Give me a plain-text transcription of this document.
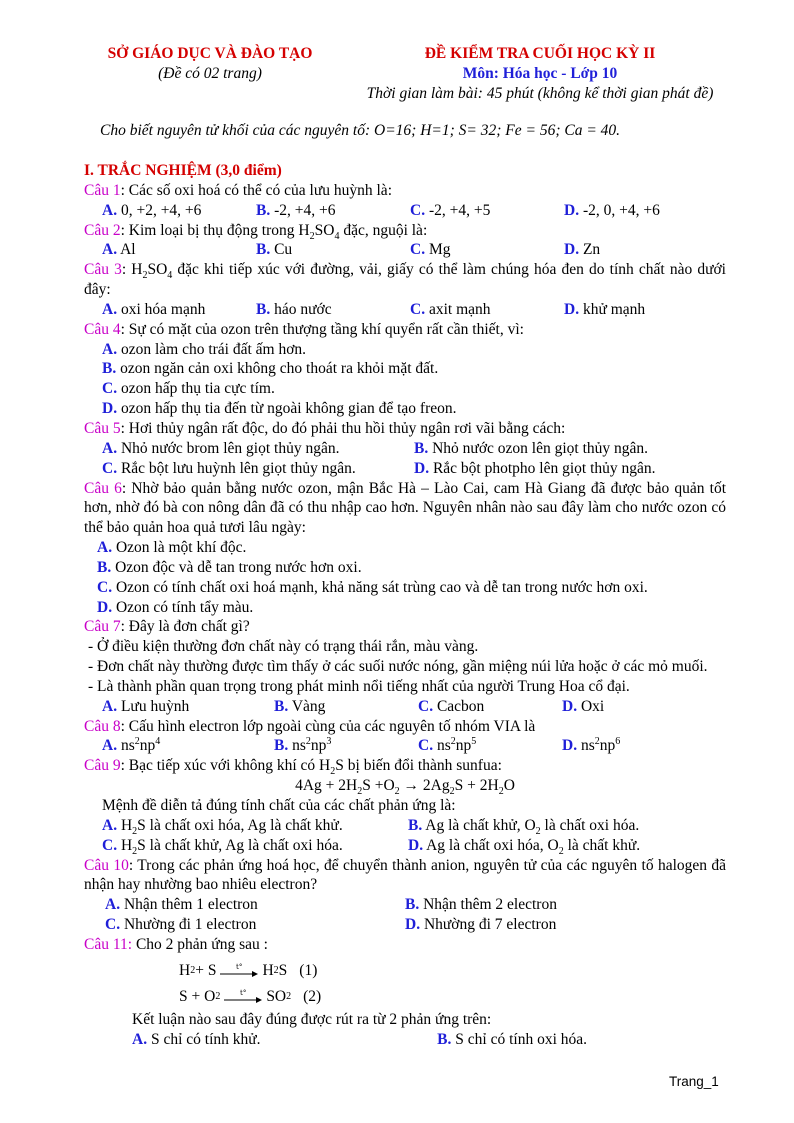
SỞ GIÁO DỤC VÀ ĐÀO TẠO
(Đề có 02 trang)
ĐỀ KIỂM TRA CUỐI HỌC KỲ II
Môn: Hóa học - Lớp 10
Thời gian làm bài: 45 phút (không kể thời gian phát đề)
Cho biết nguyên tử khối của các nguyên tố: O=16; H=1; S= 32; Fe = 56; Ca = 40.
I. TRẮC NGHIỆM (3,0 điểm)
Câu 1: Các số oxi hoá có thể có của lưu huỳnh là:
A. 0, +2, +4, +6	B. -2, +4, +6	C. -2, +4, +5	D. -2, 0, +4, +6
Câu 2: Kim loại bị thụ động trong $H_2SO_4$ đặc, nguội là:
A. Al	B. Cu	C. Mg	D. Zn
Câu 3: $H_2SO_4$ đặc khi tiếp xúc với đường, vải, giấy có thể làm chúng hóa đen do tính chất nào dưới đây:
A. oxi hóa mạnh	B. háo nước	C. axit mạnh	D. khử mạnh
Câu 4: Sự có mặt của ozon trên thượng tầng khí quyển rất cần thiết, vì:
A. ozon làm cho trái đất ấm hơn.
B. ozon ngăn cản oxi không cho thoát ra khỏi mặt đất.
C. ozon hấp thụ tia cực tím.
D. ozon hấp thụ tia đến từ ngoài không gian để tạo freon.
Câu 5: Hơi thủy ngân rất độc, do đó phải thu hồi thủy ngân rơi vãi bằng cách:
A. Nhỏ nước brom lên giọt thủy ngân.	B. Nhỏ nước ozon lên giọt thủy ngân.
C. Rắc bột lưu huỳnh lên giọt thủy ngân.	D. Rắc bột photpho lên giọt thủy ngân.
Câu 6: Nhờ bảo quản bằng nước ozon, mận Bắc Hà – Lào Cai, cam Hà Giang đã được bảo quản tốt hơn, nhờ đó bà con nông dân đã có thu nhập cao hơn. Nguyên nhân nào sau đây làm cho nước ozon có thể bảo quản hoa quả tươi lâu ngày:
A. Ozon là một khí độc.
B. Ozon độc và dễ tan trong nước hơn oxi.
C. Ozon có tính chất oxi hoá mạnh, khả năng sát trùng cao và dễ tan trong nước hơn oxi.
D. Ozon có tính tẩy màu.
Câu 7: Đây là đơn chất gì?
- Ở điều kiện thường đơn chất này có trạng thái rắn, màu vàng.
- Đơn chất này thường được tìm thấy ở các suối nước nóng, gần miệng núi lửa hoặc ở các mỏ muối.
- Là thành phần quan trọng trong phát minh nổi tiếng nhất của người Trung Hoa cổ đại.
A. Lưu huỳnh	B. Vàng	C. Cacbon	D. Oxi
Câu 8: Cấu hình electron lớp ngoài cùng của các nguyên tố nhóm VIA là
A. $ns^2np^4$	B. $ns^2np^3$	C. $ns^2np^5$	D. $ns^2np^6$
Câu 9: Bạc tiếp xúc với không khí có $H_2S$ bị biến đổi thành sunfua:
$4Ag + 2H_2S +O_2 \to 2Ag_2S + 2H_2O$
Mệnh đề diễn tả đúng tính chất của các chất phản ứng là:
A. $H_2S$ là chất oxi hóa, Ag là chất khử.	B. Ag là chất khử, $O_2$ là chất oxi hóa.
C. $H_2S$ là chất khử, Ag là chất oxi hóa.	D. Ag là chất oxi hóa, $O_2$ là chất khử.
Câu 10: Trong các phản ứng hoá học, để chuyển thành anion, nguyên tử của các nguyên tố halogen đã nhận hay nhường bao nhiêu electron?
A. Nhận thêm 1 electron	B. Nhận thêm 2 electron
C. Nhường đi 1 electron	D. Nhường đi 7 electron
Câu 11: Cho 2 phản ứng sau :
H 2 + S	t° H 2 S (1)
S + O 2	t° SO 2 (2)
Kết luận nào sau đây đúng được rút ra từ 2 phản ứng trên:
A. S chỉ có tính khử.	B. S chỉ có tính oxi hóa.
Trang_1
